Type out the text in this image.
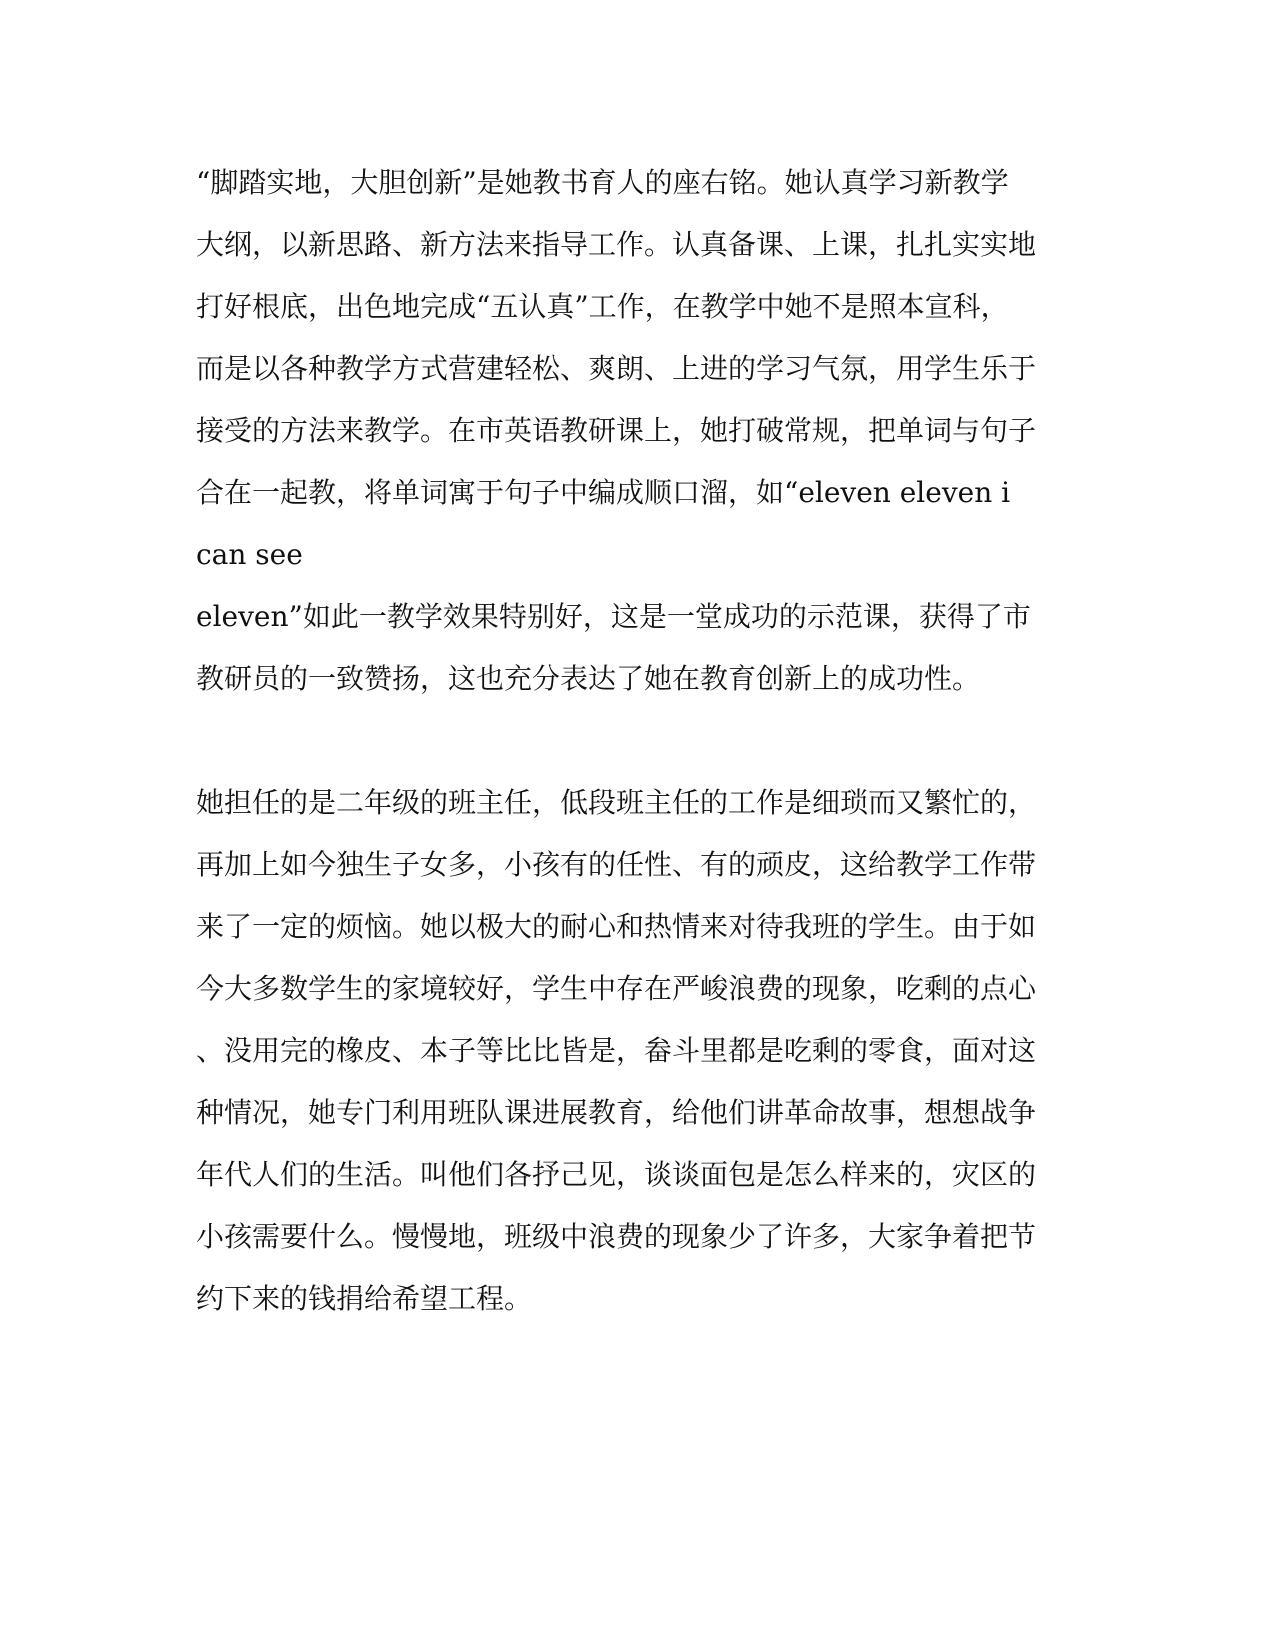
“脚踏实地，大胆创新”是她教书育人的座右铭。她认真学习新教学
大纲，以新思路、新方法来指导工作。认真备课、上课，扎扎实实地
打好根底，出色地完成“五认真”工作，在教学中她不是照本宣科，
而是以各种教学方式营建轻松、爽朗、上进的学习气氛，用学生乐于
接受的方法来教学。在市英语教研课上，她打破常规，把单词与句子
合在一起教，将单词寓于句子中编成顺口溜，如“eleven eleven i
can see
eleven”如此一教学效果特别好，这是一堂成功的示范课，获得了市
教研员的一致赞扬，这也充分表达了她在教育创新上的成功性。
她担任的是二年级的班主任，低段班主任的工作是细琐而又繁忙的，
再加上如今独生子女多，小孩有的任性、有的顽皮，这给教学工作带
来了一定的烦恼。她以极大的耐心和热情来对待我班的学生。由于如
今大多数学生的家境较好，学生中存在严峻浪费的现象，吃剩的点心
、没用完的橡皮、本子等比比皆是，畚斗里都是吃剩的零食，面对这
种情况，她专门利用班队课进展教育，给他们讲革命故事，想想战争
年代人们的生活。叫他们各抒己见，谈谈面包是怎么样来的，灾区的
小孩需要什么。慢慢地，班级中浪费的现象少了许多，大家争着把节
约下来的钱捐给希望工程。
